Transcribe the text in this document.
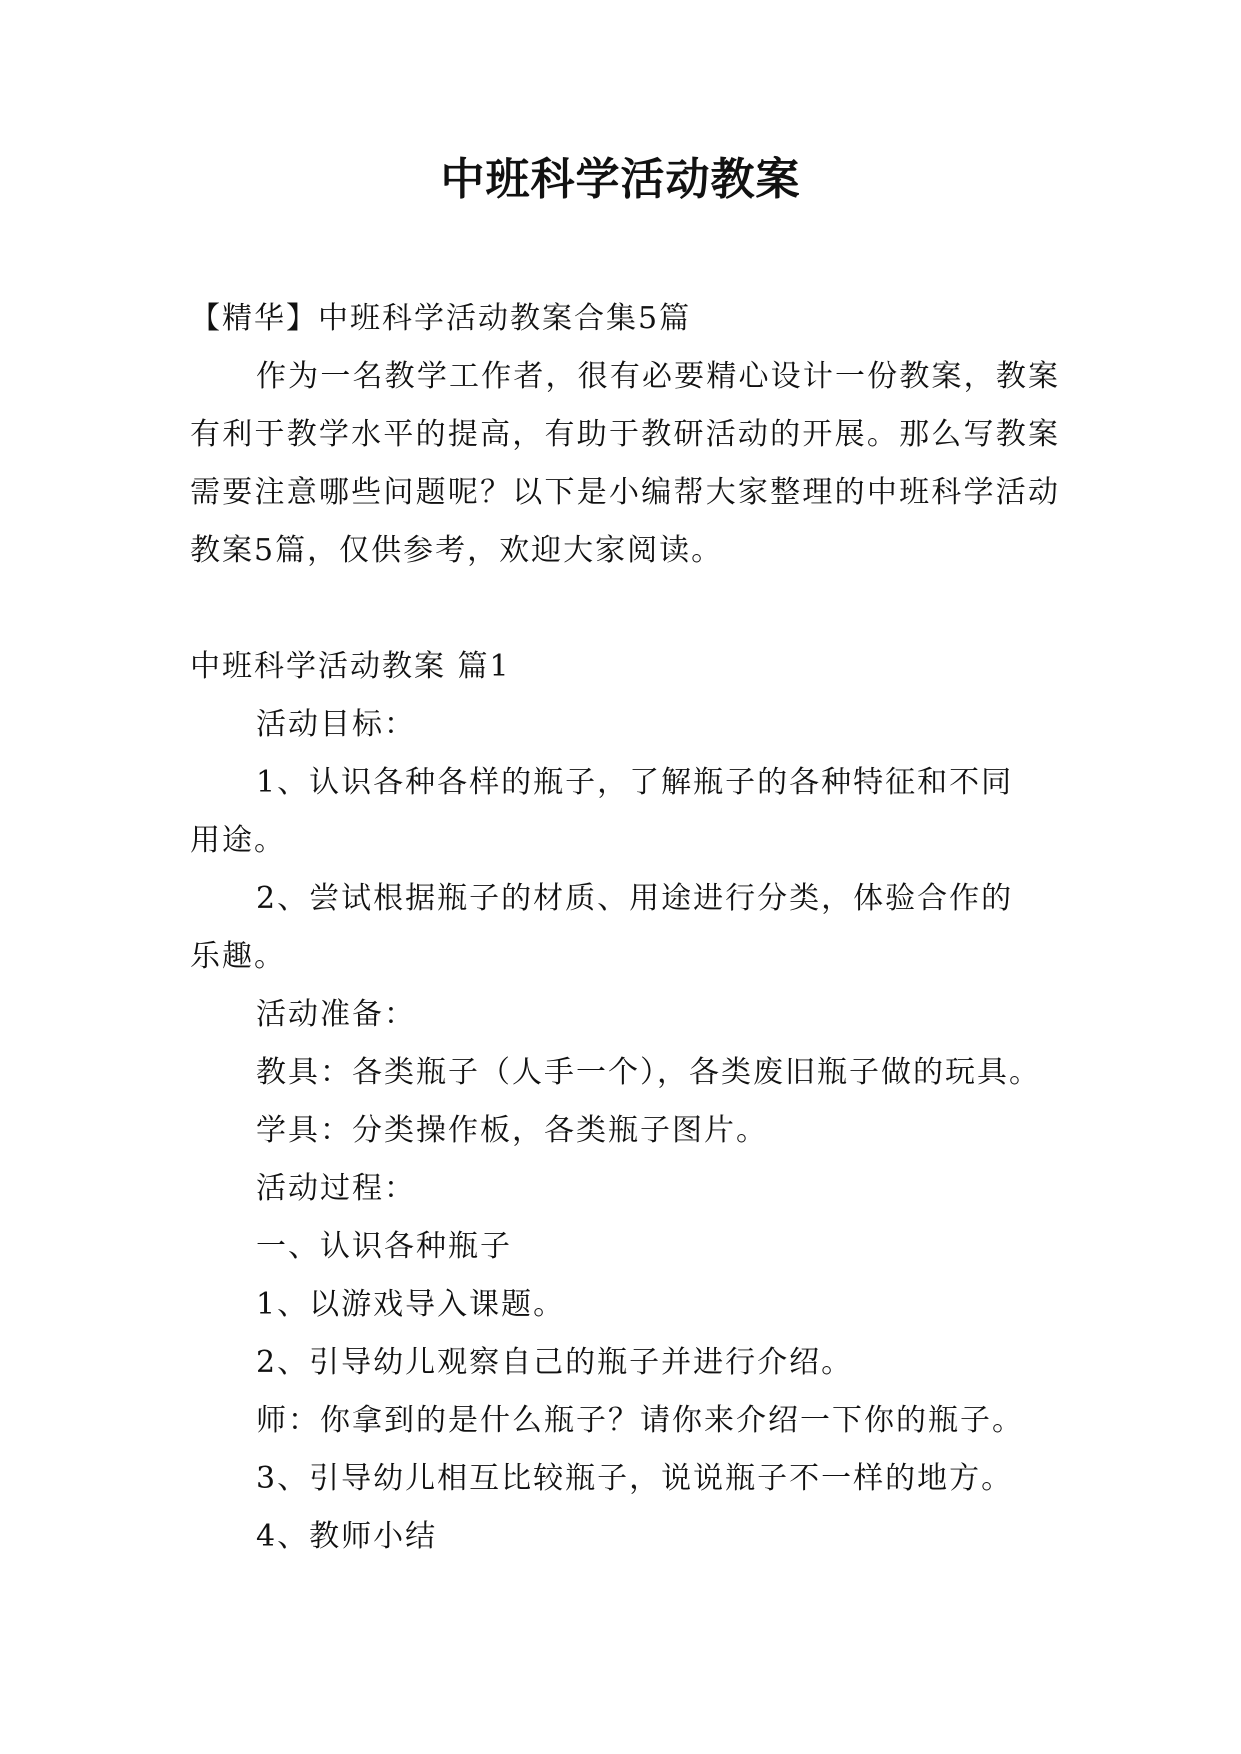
中班科学活动教案

【精华】中班科学活动教案合集5篇

作为一名教学工作者，很有必要精心设计一份教案，教案有利于教学水平的提高，有助于教研活动的开展。那么写教案需要注意哪些问题呢？以下是小编帮大家整理的中班科学活动教案5篇，仅供参考，欢迎大家阅读。

中班科学活动教案 篇1

活动目标：

1、认识各种各样的瓶子，了解瓶子的各种特征和不同

用途。

2、尝试根据瓶子的材质、用途进行分类，体验合作的

乐趣。

活动准备：

教具：各类瓶子（人手一个），各类废旧瓶子做的玩具。

学具：分类操作板，各类瓶子图片。

活动过程：

一、认识各种瓶子

1、以游戏导入课题。

2、引导幼儿观察自己的瓶子并进行介绍。

师：你拿到的是什么瓶子？请你来介绍一下你的瓶子。

3、引导幼儿相互比较瓶子，说说瓶子不一样的地方。

4、教师小结
